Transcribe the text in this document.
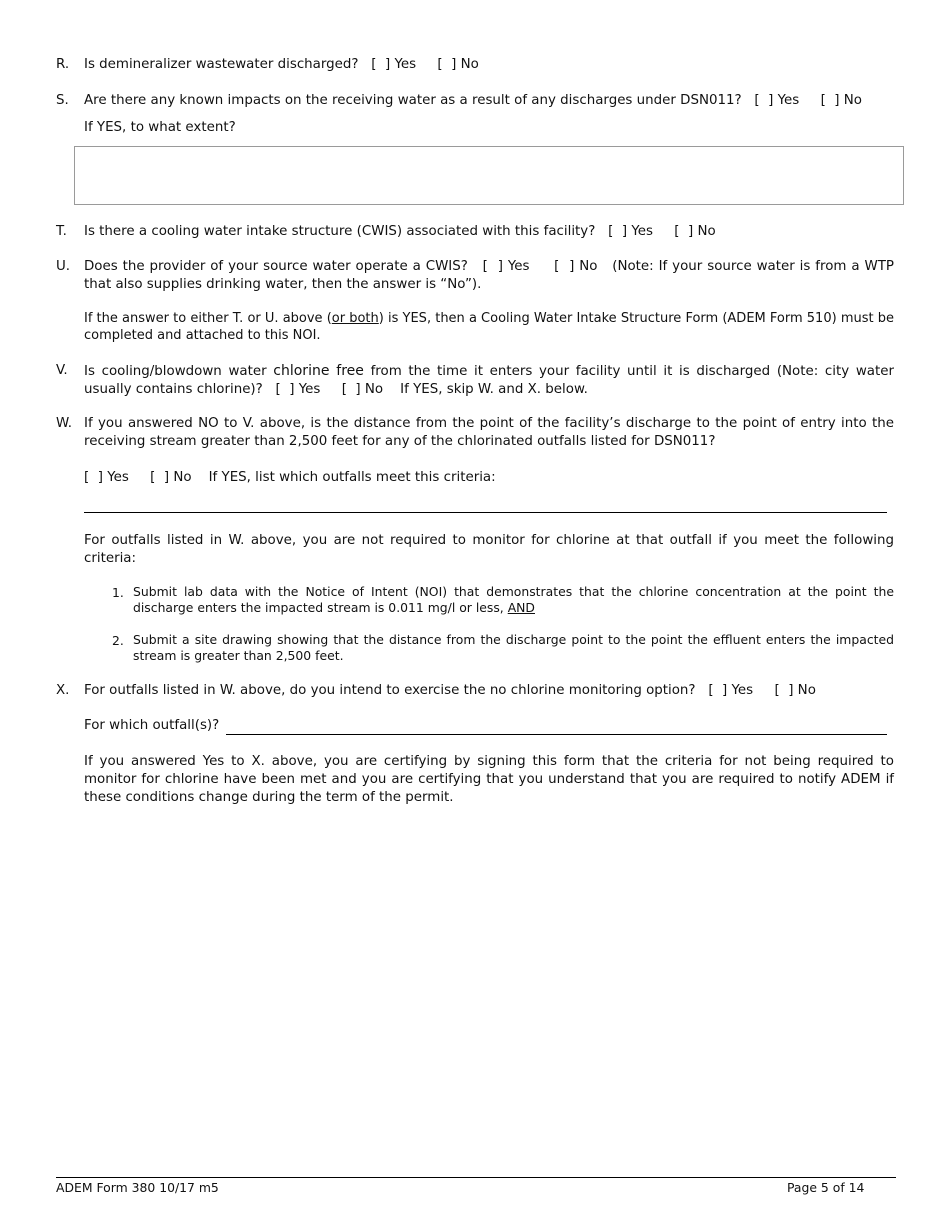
R. Is demineralizer wastewater discharged? [  ] Yes [  ] No
S. Are there any known impacts on the receiving water as a result of any discharges under DSN011? [  ] Yes [  ] No
If YES, to what extent?
T. Is there a cooling water intake structure (CWIS) associated with this facility? [  ] Yes [  ] No
U. Does the provider of your source water operate a CWIS? [  ] Yes [  ] No (Note: If your source water is from a WTP that also supplies drinking water, then the answer is “No”).
If the answer to either T. or U. above (or both) is YES, then a Cooling Water Intake Structure Form (ADEM Form 510) must be completed and attached to this NOI.
V. Is cooling/blowdown water chlorine free from the time it enters your facility until it is discharged (Note: city water usually contains chlorine)? [  ] Yes [  ] No If YES, skip W. and X. below.
W. If you answered NO to V. above, is the distance from the point of the facility’s discharge to the point of entry into the receiving stream greater than 2,500 feet for any of the chlorinated outfalls listed for DSN011?
[  ] Yes [  ] No If YES, list which outfalls meet this criteria:
For outfalls listed in W. above, you are not required to monitor for chlorine at that outfall if you meet the following criteria:
1. Submit lab data with the Notice of Intent (NOI) that demonstrates that the chlorine concentration at the point the discharge enters the impacted stream is 0.011 mg/l or less, AND
2. Submit a site drawing showing that the distance from the discharge point to the point the effluent enters the impacted stream is greater than 2,500 feet.
X. For outfalls listed in W. above, do you intend to exercise the no chlorine monitoring option? [  ] Yes [  ] No
For which outfall(s)?
If you answered Yes to X. above, you are certifying by signing this form that the criteria for not being required to monitor for chlorine have been met and you are certifying that you understand that you are required to notify ADEM if these conditions change during the term of the permit.
ADEM Form 380 10/17 m5	Page 5 of 14
